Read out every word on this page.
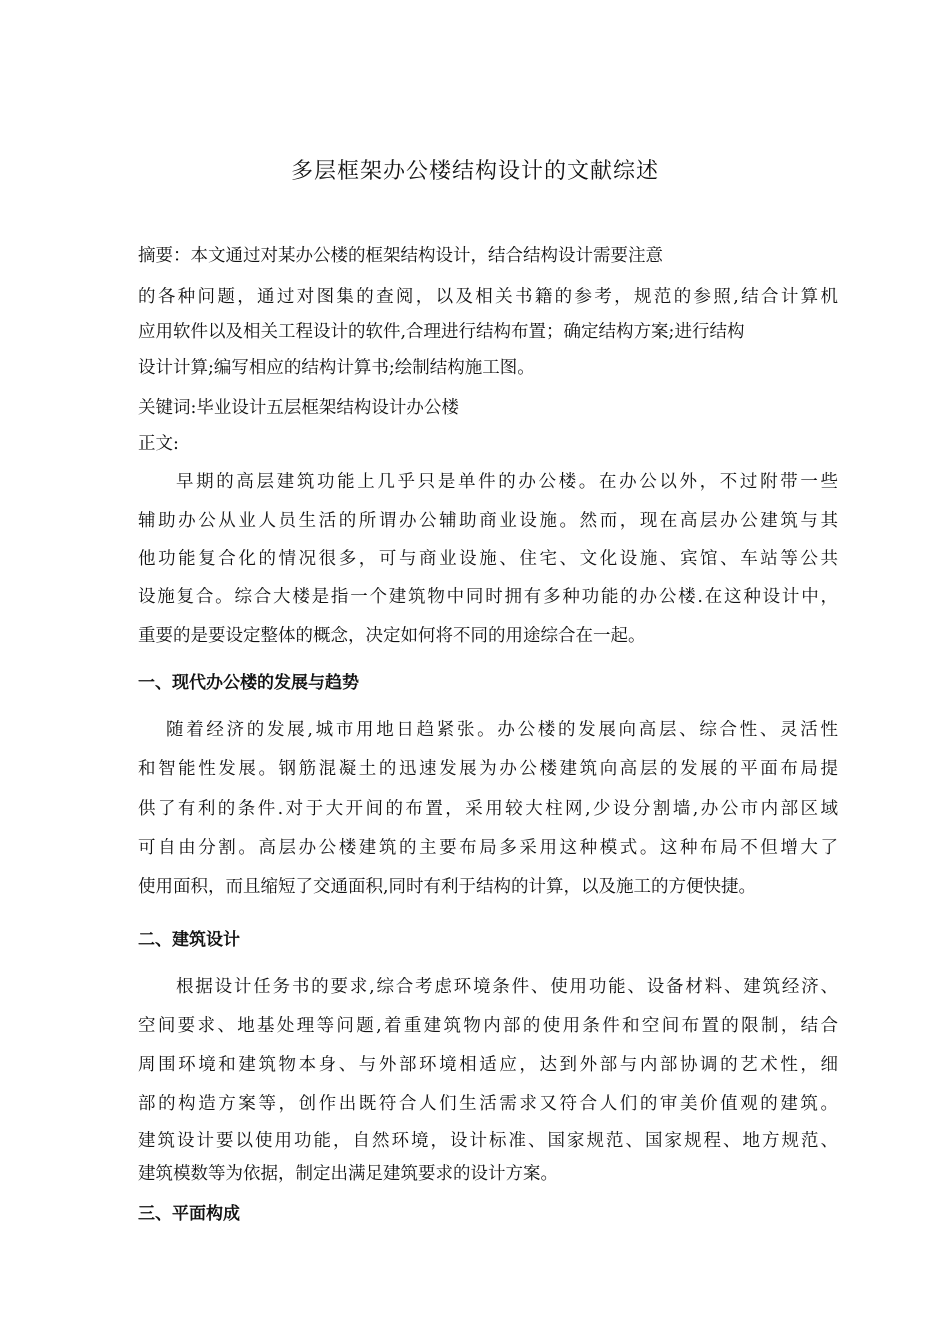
多层框架办公楼结构设计的文献综述
摘要：本文通过对某办公楼的框架结构设计，结合结构设计需要注意
的各种问题，通过对图集的查阅，以及相关书籍的参考，规范的参照,结合计算机
应用软件以及相关工程设计的软件,合理进行结构布置；确定结构方案;进行结构
设计计算;编写相应的结构计算书;绘制结构施工图。
关键词:毕业设计五层框架结构设计办公楼
正文:
早期的高层建筑功能上几乎只是单件的办公楼。在办公以外，不过附带一些
辅助办公从业人员生活的所谓办公辅助商业设施。然而，现在高层办公建筑与其
他功能复合化的情况很多，可与商业设施、住宅、文化设施、宾馆、车站等公共
设施复合。综合大楼是指一个建筑物中同时拥有多种功能的办公楼.在这种设计中，
重要的是要设定整体的概念，决定如何将不同的用途综合在一起。
一、现代办公楼的发展与趋势
随着经济的发展,城市用地日趋紧张。办公楼的发展向高层、综合性、灵活性
和智能性发展。钢筋混凝土的迅速发展为办公楼建筑向高层的发展的平面布局提
供了有利的条件.对于大开间的布置，采用较大柱网,少设分割墙,办公市内部区域
可自由分割。高层办公楼建筑的主要布局多采用这种模式。这种布局不但增大了
使用面积，而且缩短了交通面积,同时有利于结构的计算，以及施工的方便快捷。
二、建筑设计
根据设计任务书的要求,综合考虑环境条件、使用功能、设备材料、建筑经济、
空间要求、地基处理等问题,着重建筑物内部的使用条件和空间布置的限制，结合
周围环境和建筑物本身、与外部环境相适应，达到外部与内部协调的艺术性，细
部的构造方案等，创作出既符合人们生活需求又符合人们的审美价值观的建筑。
建筑设计要以使用功能，自然环境，设计标准、国家规范、国家规程、地方规范、
建筑模数等为依据，制定出满足建筑要求的设计方案。
三、平面构成
